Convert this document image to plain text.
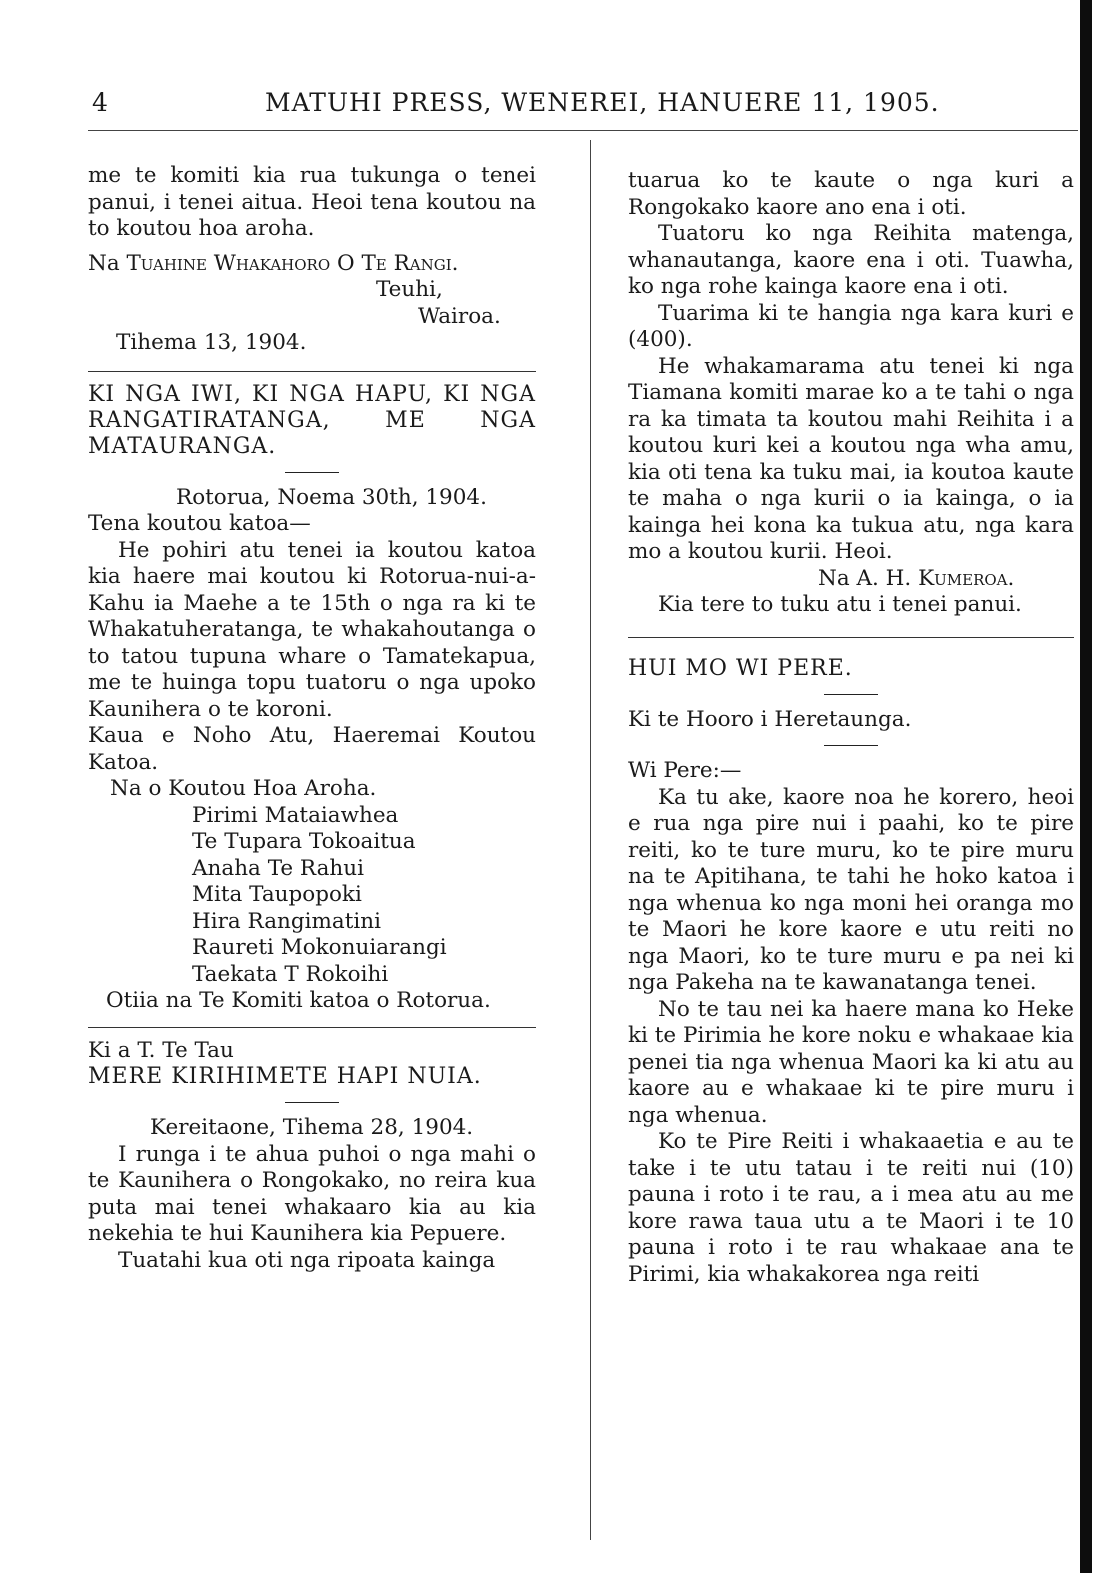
4	MATUHI PRESS, WENEREI, HANUERE 11, 1905.

me te komiti kia rua tukunga o tenei panui, i tenei aitua. Heoi tena koutou na to koutou hoa aroha.

Na Tuahine Whakahoro O Te Rangi.

Teuhi,

Wairoa.

Tihema 13, 1904.

KI NGA IWI, KI NGA HAPU, KI NGA RANGATIRATANGA, ME NGA MATAURANGA.

Rotorua, Noema 30th, 1904.

Tena koutou katoa—

He pohiri atu tenei ia koutou katoa kia haere mai koutou ki Rotorua-nui-a-Kahu ia Maehe a te 15th o nga ra ki te Whakatuheratanga, te whakahoutanga o to tatou tupuna whare o Tamatekapua, me te huinga topu tuatoru o nga upoko Kaunihera o te koroni.

Kaua e Noho Atu, Haeremai Koutou Katoa.

Na o Koutou Hoa Aroha.

Pirimi Mataiawhea
Te Tupara Tokoaitua
Anaha Te Rahui
Mita Taupopoki
Hira Rangimatini
Raureti Mokonuiarangi
Taekata T Rokoihi

Otiia na Te Komiti katoa o Rotorua.

Ki a T. Te Tau

MERE KIRIHIMETE HAPI NUIA.

Kereitaone, Tihema 28, 1904.

I runga i te ahua puhoi o nga mahi o te Kaunihera o Rongokako, no reira kua puta mai tenei whakaaro kia au kia nekehia te hui Kaunihera kia Pepuere.

Tuatahi kua oti nga ripoata kainga

tuarua ko te kaute o nga kuri a Rongokako kaore ano ena i oti.

Tuatoru ko nga Reihita matenga, whanautanga, kaore ena i oti. Tuawha, ko nga rohe kainga kaore ena i oti.

Tuarima ki te hangia nga kara kuri e (400).

He whakamarama atu tenei ki nga Tiamana komiti marae ko a te tahi o nga ra ka timata ta koutou mahi Reihita i a koutou kuri kei a koutou nga wha amu, kia oti tena ka tuku mai, ia koutoa kaute te maha o nga kurii o ia kainga, o ia kainga hei kona ka tukua atu, nga kara mo a koutou kurii. Heoi.

Na A. H. Kumeroa.

Kia tere to tuku atu i tenei panui.

HUI MO WI PERE.

Ki te Hooro i Heretaunga.

Wi Pere:—

Ka tu ake, kaore noa he korero, heoi e rua nga pire nui i paahi, ko te pire reiti, ko te ture muru, ko te pire muru na te Apitihana, te tahi he hoko katoa i nga whenua ko nga moni hei oranga mo te Maori he kore kaore e utu reiti no nga Maori, ko te ture muru e pa nei ki nga Pakeha na te kawanatanga tenei.

No te tau nei ka haere mana ko Heke ki te Pirimia he kore noku e whakaae kia penei tia nga whenua Maori ka ki atu au kaore au e whakaae ki te pire muru i nga whenua.

Ko te Pire Reiti i whakaaetia e au te take i te utu tatau i te reiti nui (10) pauna i roto i te rau, a i mea atu au me kore rawa taua utu a te Maori i te 10 pauna i roto i te rau whakaae ana te Pirimi, kia whakakorea nga reiti
